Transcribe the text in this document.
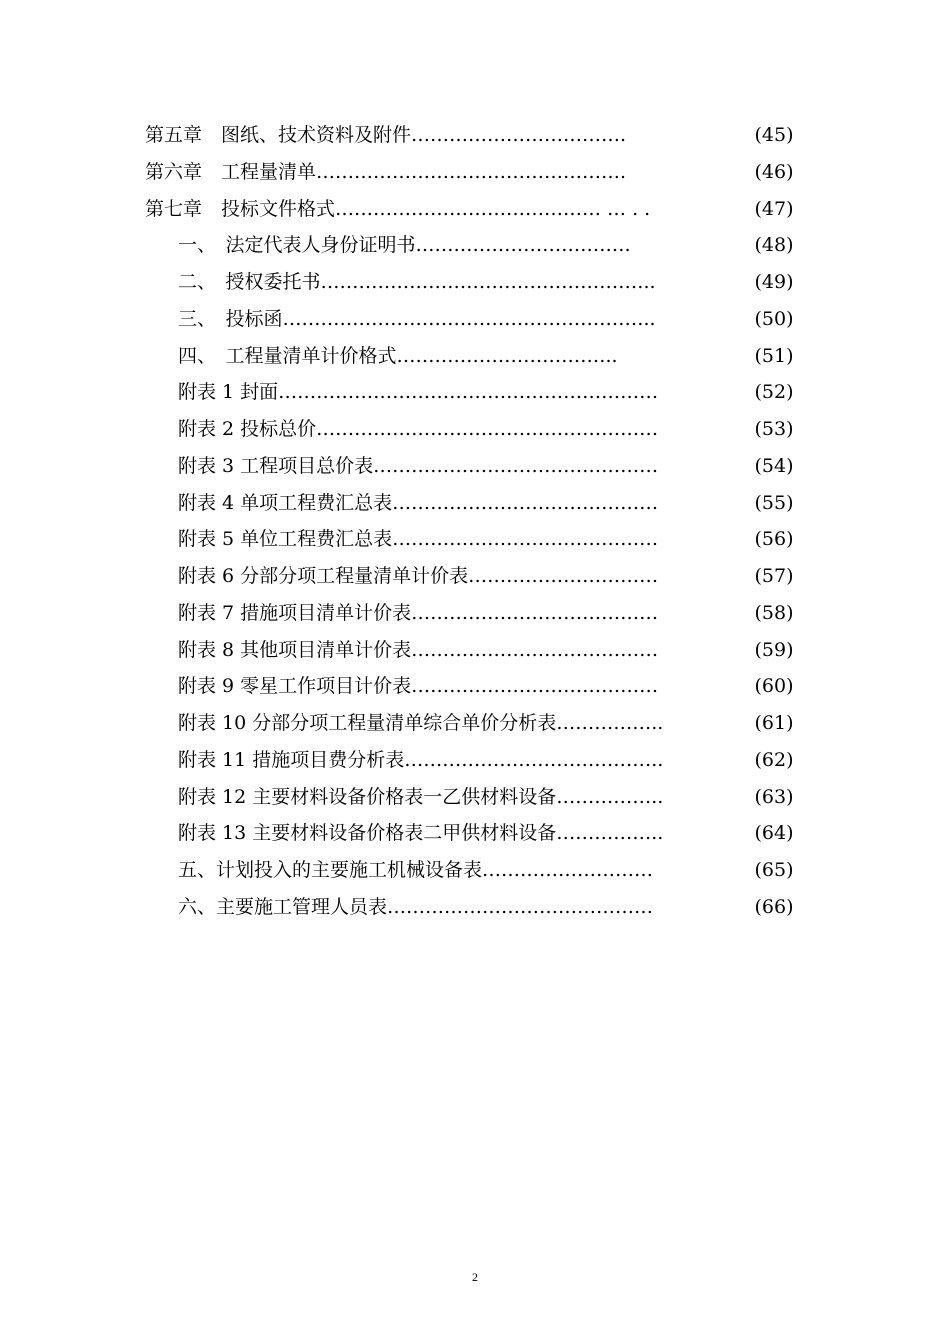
第五章　图纸、技术资料及附件…………………………….	(45)
第六章　工程量清单………………………………………….	(46)
第七章　投标文件格式…………………………………… … . .	(47)
一、　法定代表人身份证明书…………………………….	(48)
二、　授权委托书……………………………………………..	(49)
三、　投标函…………………………………………………..	(50)
四、　工程量清单计价格式……………………………..	(51)
附表 1 封面……………………………………………………	(52)
附表 2 投标总价………………………………………………	(53)
附表 3 工程项目总价表………………………………………	(54)
附表 4 单项工程费汇总表……………………………………	(55)
附表 5 单位工程费汇总表……………………………………	(56)
附表 6 分部分项工程量清单计价表…………………………	(57)
附表 7 措施项目清单计价表…………………………………	(58)
附表 8 其他项目清单计价表…………………………………	(59)
附表 9 零星工作项目计价表…………………………………	(60)
附表 10 分部分项工程量清单综合单价分析表……………..	(61)
附表 11 措施项目费分析表…………………………………..	(62)
附表 12 主要材料设备价格表一乙供材料设备……………..	(63)
附表 13 主要材料设备价格表二甲供材料设备……………..	(64)
五、计划投入的主要施工机械设备表………………………	(65)
六、主要施工管理人员表……………………………………	(66)
2
